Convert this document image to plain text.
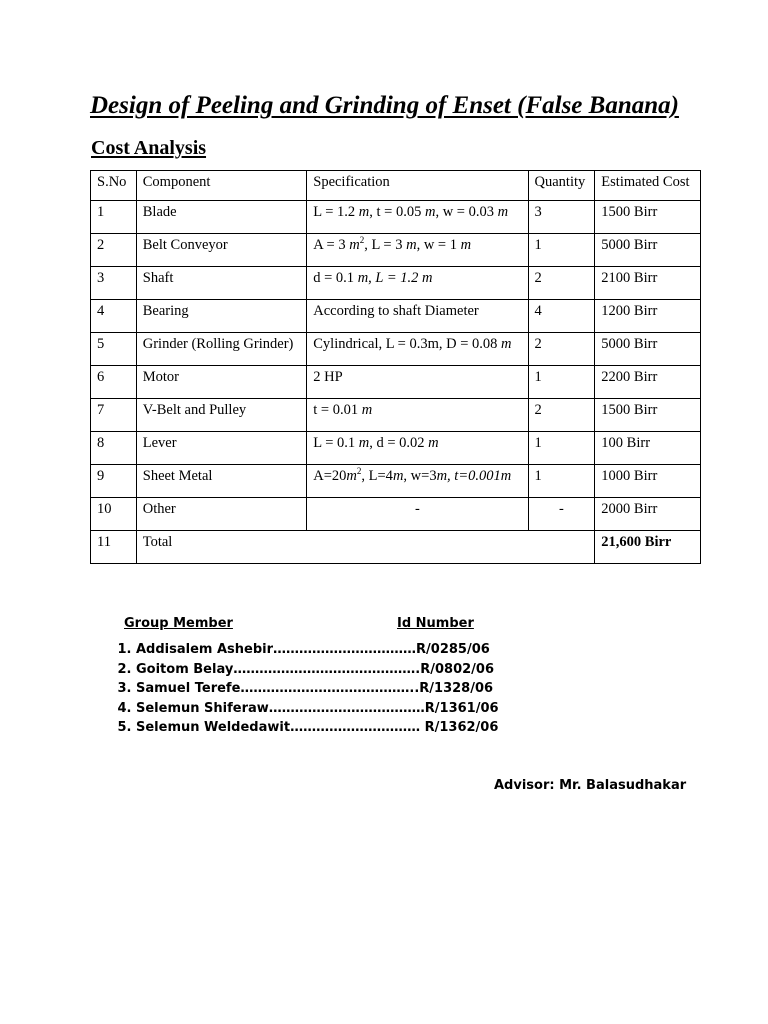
Design of Peeling and Grinding of Enset (False Banana)
Cost Analysis
S.No	Component	Specification	Quantity	Estimated Cost
1	Blade	L = 1.2 m, t = 0.05 m, w = 0.03 m	3	1500 Birr
2	Belt Conveyor	A = 3 $m^2$, L = 3 m, w = 1 m	1	5000 Birr
3	Shaft	d = 0.1 m, L = 1.2 m	2	2100 Birr
4	Bearing	According to shaft Diameter	4	1200 Birr
5	Grinder (Rolling Grinder)	Cylindrical, L = 0.3m, D = 0.08 m	2	5000 Birr
6	Motor	2 HP	1	2200 Birr
7	V-Belt and Pulley	t = 0.01 m	2	1500 Birr
8	Lever	L = 0.1 m, d = 0.02 m	1	100 Birr
9	Sheet Metal	$A=20m^2$, L=4m, w=3m, t=0.001m	1	1000 Birr
10	Other	-	-	2000 Birr
11	Total			21,600 Birr
Group Member	Id Number
1. Addisalem Ashebir……………………………R/0285/06
2. Goitom Belay…………………………………….R/0802/06
3. Samuel Terefe…………………………………..R/1328/06
4. Selemun Shiferaw………………………………R/1361/06
5. Selemun Weldedawit………………………… R/1362/06
Advisor: Mr. Balasudhakar
